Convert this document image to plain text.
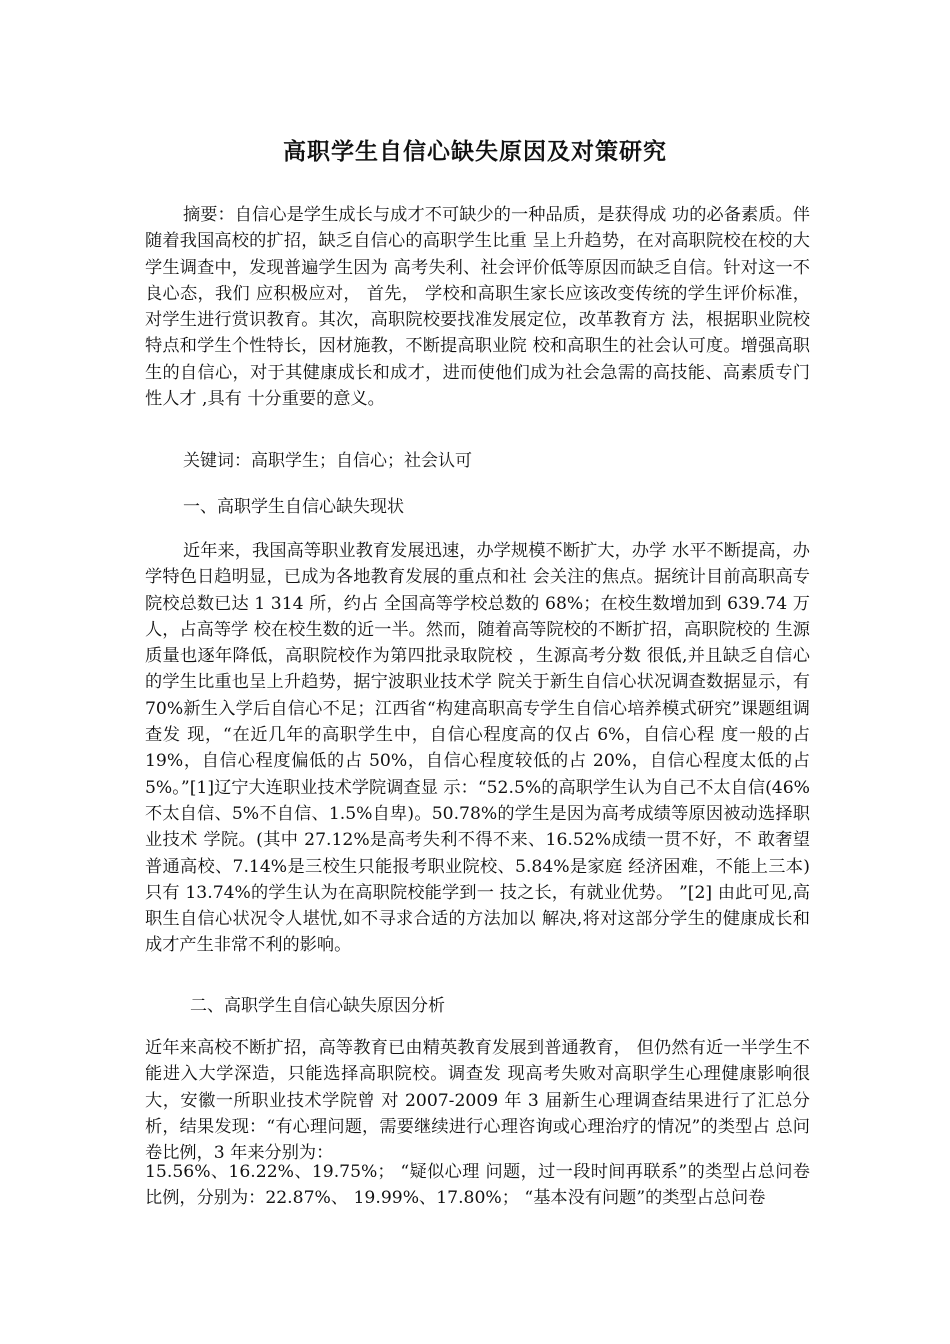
高职学生自信心缺失原因及对策研究

摘要：自信心是学生成长与成才不可缺少的一种品质，是获得成 功的必备素质。伴随着我国高校的扩招，缺乏自信心的高职学生比重 呈上升趋势，在对高职院校在校的大学生调查中，发现普遍学生因为 高考失利、社会评价低等原因而缺乏自信。针对这一不良心态，我们 应积极应对， 首先， 学校和高职生家长应该改变传统的学生评价标准， 对学生进行赏识教育。其次，高职院校要找准发展定位，改革教育方 法，根据职业院校特点和学生个性特长，因材施教，不断提高职业院 校和高职生的社会认可度。增强高职生的自信心，对于其健康成长和成才，进而使他们成为社会急需的高技能、高素质专门性人才 ,具有 十分重要的意义。

关键词：高职学生；自信心；社会认可

一、高职学生自信心缺失现状

近年来，我国高等职业教育发展迅速，办学规模不断扩大，办学 水平不断提高，办学特色日趋明显，已成为各地教育发展的重点和社 会关注的焦点。据统计目前高职高专院校总数已达 1 314 所，约占 全国高等学校总数的 68%；在校生数增加到 639.74 万人，占高等学 校在校生数的近一半。然而，随着高等院校的不断扩招，高职院校的 生源质量也逐年降低，高职院校作为第四批录取院校 ，生源高考分数 很低,并且缺乏自信心的学生比重也呈上升趋势，据宁波职业技术学 院关于新生自信心状况调查数据显示，有 70%新生入学后自信心不足；江西省“构建高职高专学生自信心培养模式研究”课题组调查发 现，“在近几年的高职学生中，自信心程度高的仅占 6%，自信心程 度一般的占 19%，自信心程度偏低的占 50%，自信心程度较低的占 20%，自信心程度太低的占 5%。”[1]辽宁大连职业技术学院调查显 示：“52.5%的高职学生认为自己不太自信(46%不太自信、5%不自信、1.5%自卑)。50.78%的学生是因为高考成绩等原因被动选择职业技术 学院。(其中 27.12%是高考失利不得不来、16.52%成绩一贯不好，不 敢奢望普通高校、7.14%是三校生只能报考职业院校、5.84%是家庭 经济困难，不能上三本)只有 13.74%的学生认为在高职院校能学到一 技之长，有就业优势。 ”[2] 由此可见,高职生自信心状况令人堪忧,如不寻求合适的方法加以 解决,将对这部分学生的健康成长和成才产生非常不利的影响。

二、高职学生自信心缺失原因分析

近年来高校不断扩招，高等教育已由精英教育发展到普通教育， 但仍然有近一半学生不能进入大学深造，只能选择高职院校。调查发 现高考失败对高职学生心理健康影响很大，安徽一所职业技术学院曾 对 2007-2009 年 3 届新生心理调查结果进行了汇总分析，结果发现：“有心理问题，需要继续进行心理咨询或心理治疗的情况”的类型占 总问卷比例，3 年来分别为：

15.56%、16.22%、19.75%； “疑似心理 问题，过一段时间再联系”的类型占总问卷比例，分别为：22.87%、 19.99%、17.80%； “基本没有问题”的类型占总问卷
